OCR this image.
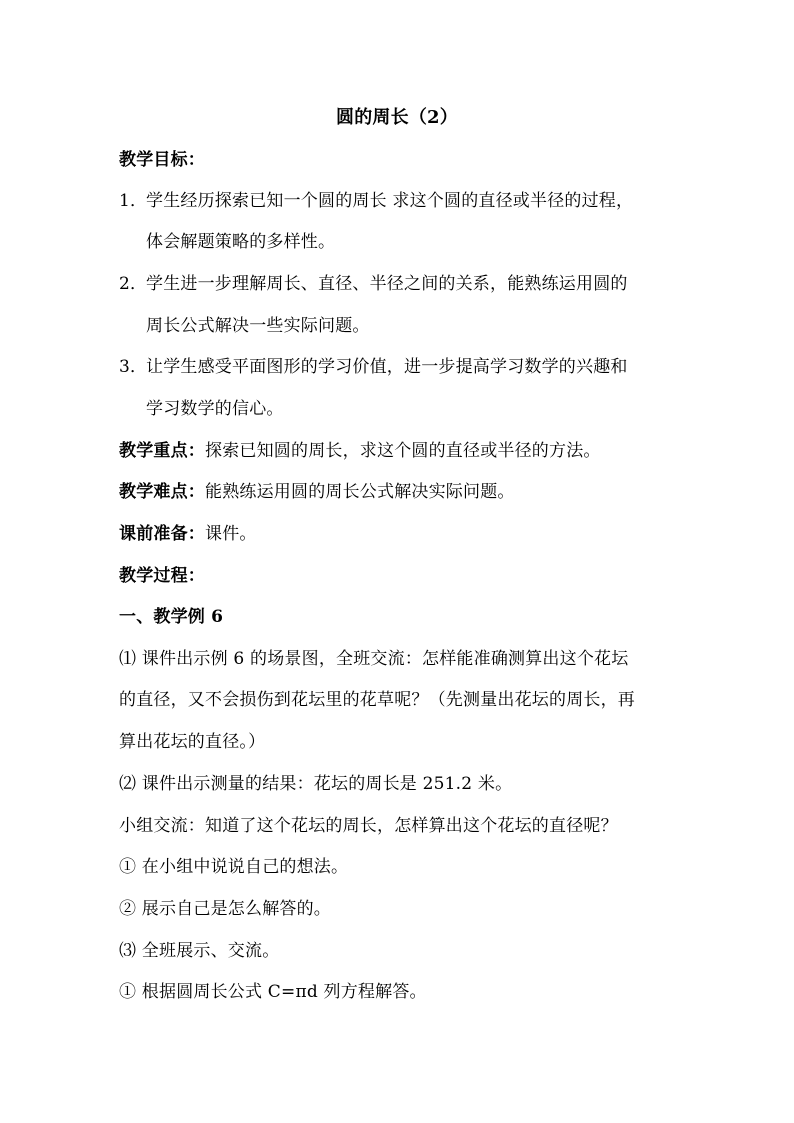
圆的周长（2）
教学目标：
1．学生经历探索已知一个圆的周长 求这个圆的直径或半径的过程，
体会解题策略的多样性。
2．学生进一步理解周长、直径、半径之间的关系，能熟练运用圆的
周长公式解决一些实际问题。
3．让学生感受平面图形的学习价值，进一步提高学习数学的兴趣和
学习数学的信心。
教学重点：探索已知圆的周长，求这个圆的直径或半径的方法。
教学难点：能熟练运用圆的周长公式解决实际问题。
课前准备：课件。
教学过程：
一、教学例 6
⑴ 课件出示例 6 的场景图，全班交流：怎样能准确测算出这个花坛
的直径，又不会损伤到花坛里的花草呢？（先测量出花坛的周长，再
算出花坛的直径。）
⑵ 课件出示测量的结果：花坛的周长是 251.2 米。
小组交流：知道了这个花坛的周长，怎样算出这个花坛的直径呢？
① 在小组中说说自己的想法。
② 展示自己是怎么解答的。
⑶ 全班展示、交流。
① 根据圆周长公式 C=πd 列方程解答。
